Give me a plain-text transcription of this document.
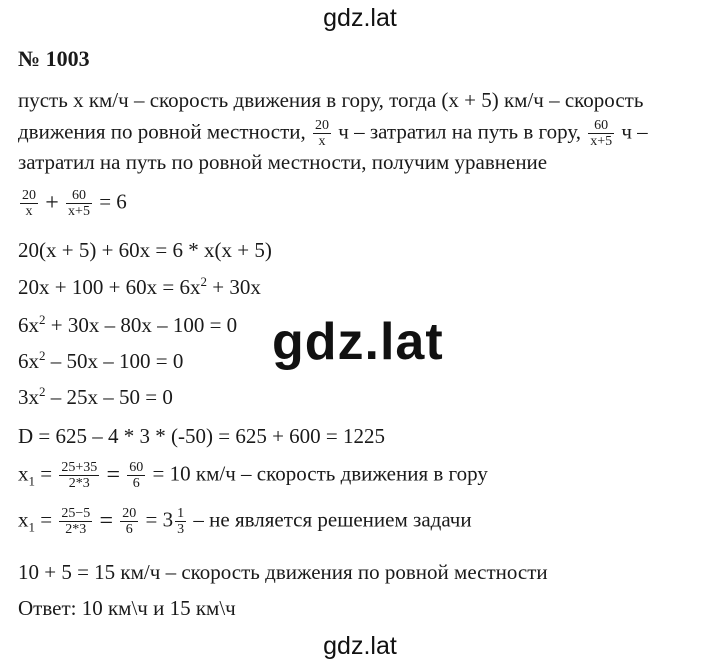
gdz.lat
№ 1003
пусть х км/ч – скорость движения в гору, тогда (х + 5) км/ч – скорость
движения по ровной местности, $\frac{20}{x}$ ч – затратил на путь в гору, $\frac{60}{x+5}$ ч –
затратил на путь по ровной местности, получим уравнение
$\frac{20}{x} + \frac{60}{x+5} = 6$
20(x + 5) + 60x = 6 * x(x + 5)
$20x + 100 + 60x = 6x^2 + 30x$
$6x^2 + 30x - 80x - 100 = 0$
$6x^2 - 50x - 100 = 0$
$3x^2 - 25x - 50 = 0$
D = 625 – 4 * 3 * (-50) = 625 + 600 = 1225
$x_1 = \frac{25+35}{2*3} = \frac{60}{6} = 10$ км/ч – скорость движения в гору
$x_1 = \frac{25-5}{2*3} = \frac{20}{6} = 3 \frac{1}{3}$ – не является решением задачи
10 + 5 = 15 км/ч – скорость движения по ровной местности
Ответ: 10 км\ч и 15 км\ч
gdz.lat
gdz.lat
